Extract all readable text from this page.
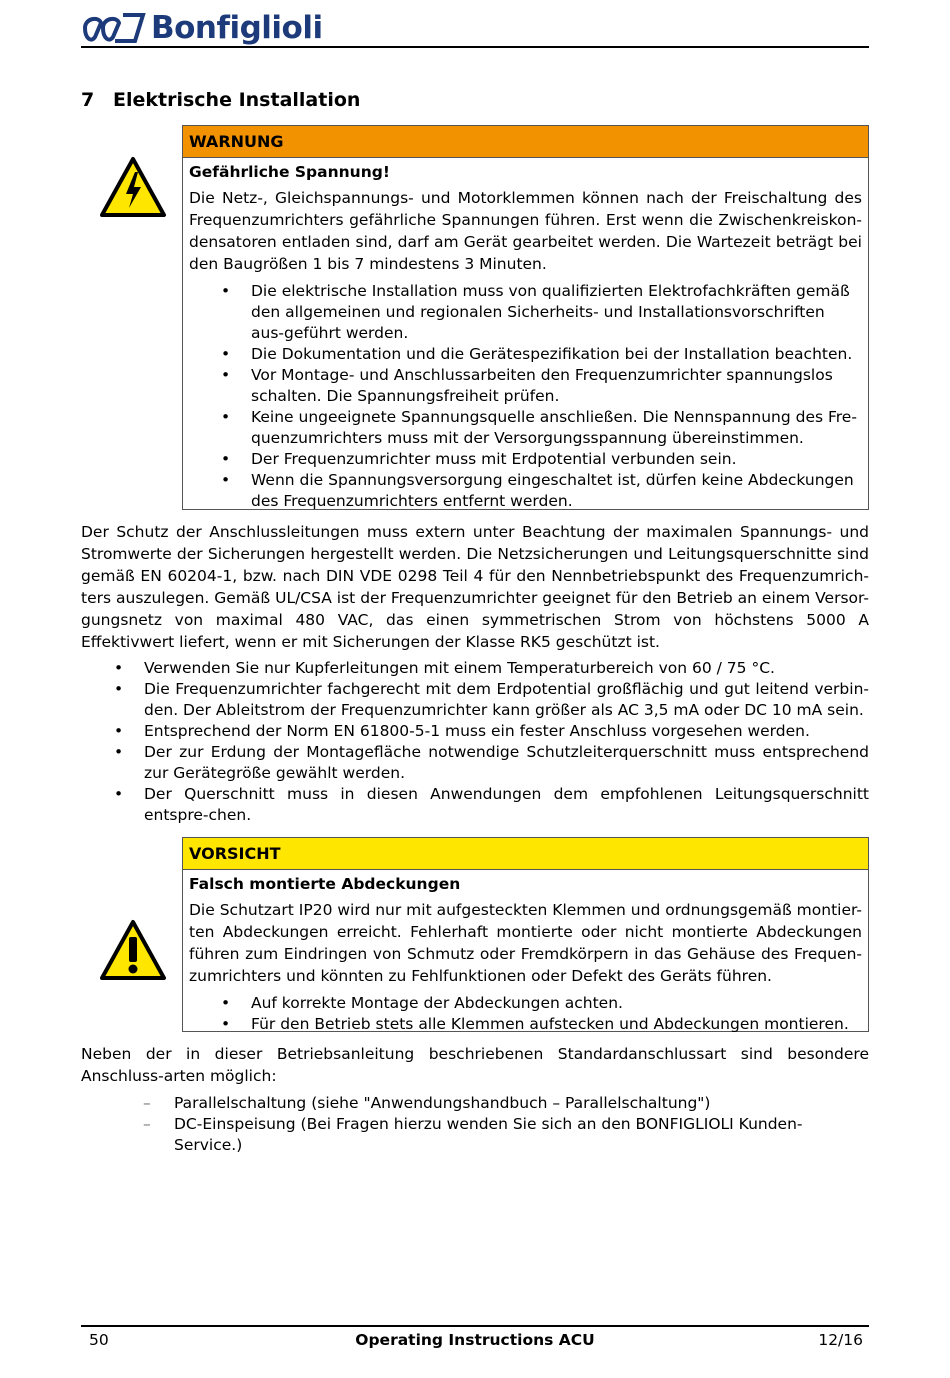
Bonfiglioli
7 Elektrische Installation
WARNUNG
Gefährliche Spannung!
Die Netz-, Gleichspannungs- und Motorklemmen können nach der Freischaltung des Frequenzumrichters gefährliche Spannungen führen. Erst wenn die Zwischenkreiskon-densatoren entladen sind, darf am Gerät gearbeitet werden. Die Wartezeit beträgt bei den Baugrößen 1 bis 7 mindestens 3 Minuten.
• Die elektrische Installation muss von qualifizierten Elektrofachkräften gemäß den allgemeinen und regionalen Sicherheits- und Installationsvorschriften aus-geführt werden.
• Die Dokumentation und die Gerätespezifikation bei der Installation beachten.
• Vor Montage- und Anschlussarbeiten den Frequenzumrichter spannungslos schalten. Die Spannungsfreiheit prüfen.
• Keine ungeeignete Spannungsquelle anschließen. Die Nennspannung des Fre-quenzumrichters muss mit der Versorgungsspannung übereinstimmen.
• Der Frequenzumrichter muss mit Erdpotential verbunden sein.
• Wenn die Spannungsversorgung eingeschaltet ist, dürfen keine Abdeckungen des Frequenzumrichters entfernt werden.
Der Schutz der Anschlussleitungen muss extern unter Beachtung der maximalen Spannungs- und Stromwerte der Sicherungen hergestellt werden. Die Netzsicherungen und Leitungsquerschnitte sind gemäß EN 60204-1, bzw. nach DIN VDE 0298 Teil 4 für den Nennbetriebspunkt des Frequenzumrich-ters auszulegen. Gemäß UL/CSA ist der Frequenzumrichter geeignet für den Betrieb an einem Versor-gungsnetz von maximal 480 VAC, das einen symmetrischen Strom von höchstens 5000 A Effektivwert liefert, wenn er mit Sicherungen der Klasse RK5 geschützt ist.
• Verwenden Sie nur Kupferleitungen mit einem Temperaturbereich von 60 / 75 °C.
• Die Frequenzumrichter fachgerecht mit dem Erdpotential großflächig und gut leitend verbin-den. Der Ableitstrom der Frequenzumrichter kann größer als AC 3,5 mA oder DC 10 mA sein.
• Entsprechend der Norm EN 61800-5-1 muss ein fester Anschluss vorgesehen werden.
• Der zur Erdung der Montagefläche notwendige Schutzleiterquerschnitt muss entsprechend zur Gerätegröße gewählt werden.
• Der Querschnitt muss in diesen Anwendungen dem empfohlenen Leitungsquerschnitt entspre-chen.
VORSICHT
Falsch montierte Abdeckungen
Die Schutzart IP20 wird nur mit aufgesteckten Klemmen und ordnungsgemäß montier-ten Abdeckungen erreicht. Fehlerhaft montierte oder nicht montierte Abdeckungen führen zum Eindringen von Schmutz oder Fremdkörpern in das Gehäuse des Frequen-zumrichters und könnten zu Fehlfunktionen oder Defekt des Geräts führen.
• Auf korrekte Montage der Abdeckungen achten.
• Für den Betrieb stets alle Klemmen aufstecken und Abdeckungen montieren.
Neben der in dieser Betriebsanleitung beschriebenen Standardanschlussart sind besondere Anschluss-arten möglich:
– Parallelschaltung (siehe "Anwendungshandbuch – Parallelschaltung")
– DC-Einspeisung (Bei Fragen hierzu wenden Sie sich an den BONFIGLIOLI Kunden-Service.)
50	Operating Instructions ACU	12/16
